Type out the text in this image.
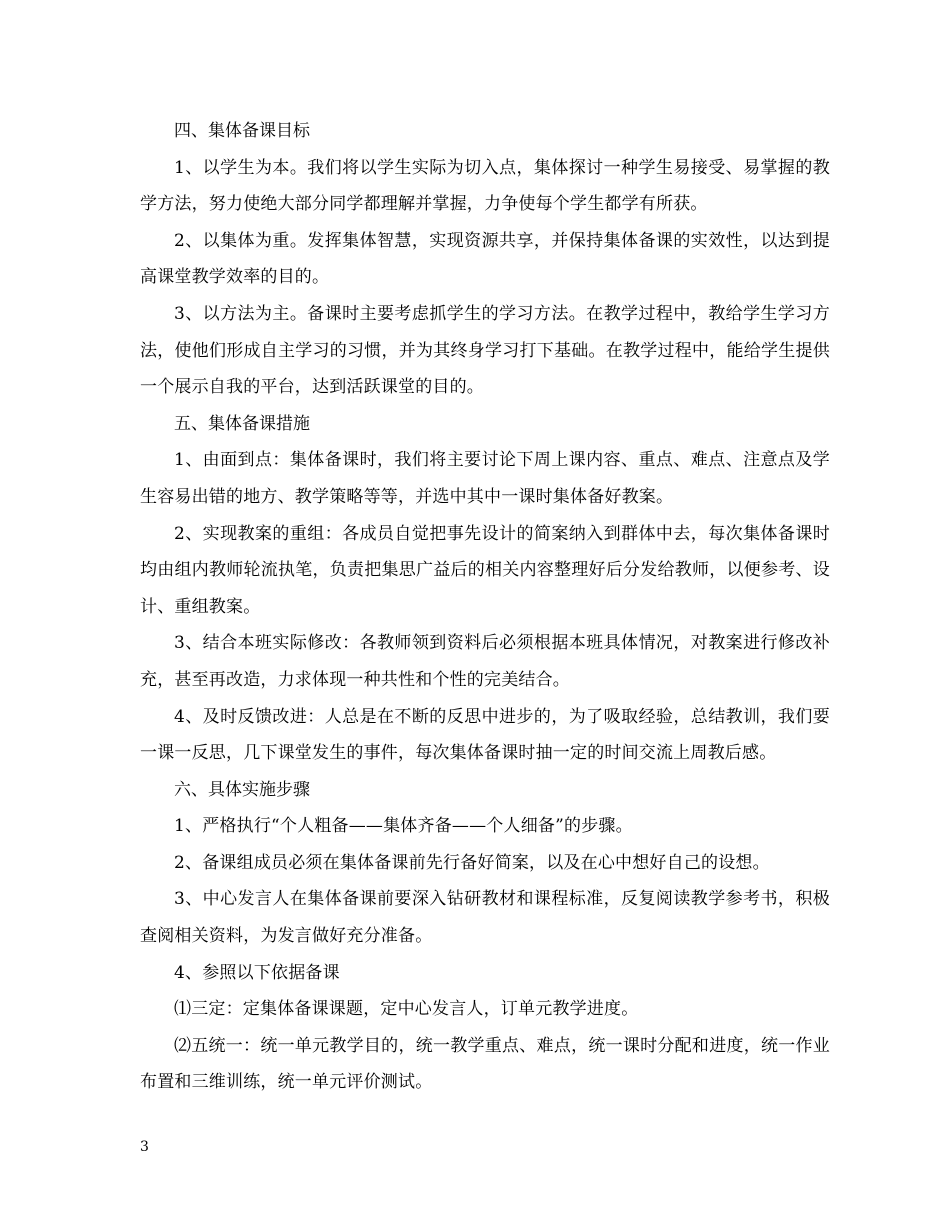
四、集体备课目标

1、以学生为本。我们将以学生实际为切入点，集体探讨一种学生易接受、易掌握的教学方法，努力使绝大部分同学都理解并掌握，力争使每个学生都学有所获。

2、以集体为重。发挥集体智慧，实现资源共享，并保持集体备课的实效性，以达到提高课堂教学效率的目的。

3、以方法为主。备课时主要考虑抓学生的学习方法。在教学过程中，教给学生学习方法，使他们形成自主学习的习惯，并为其终身学习打下基础。在教学过程中，能给学生提供一个展示自我的平台，达到活跃课堂的目的。

五、集体备课措施

1、由面到点：集体备课时，我们将主要讨论下周上课内容、重点、难点、注意点及学生容易出错的地方、教学策略等等，并选中其中一课时集体备好教案。

2、实现教案的重组：各成员自觉把事先设计的简案纳入到群体中去，每次集体备课时均由组内教师轮流执笔，负责把集思广益后的相关内容整理好后分发给教师，以便参考、设计、重组教案。

3、结合本班实际修改：各教师领到资料后必须根据本班具体情况，对教案进行修改补充，甚至再改造，力求体现一种共性和个性的完美结合。

4、及时反馈改进：人总是在不断的反思中进步的，为了吸取经验，总结教训，我们要一课一反思，几下课堂发生的事件，每次集体备课时抽一定的时间交流上周教后感。

六、具体实施步骤

1、严格执行“个人粗备——集体齐备——个人细备”的步骤。

2、备课组成员必须在集体备课前先行备好简案，以及在心中想好自己的设想。

3、中心发言人在集体备课前要深入钻研教材和课程标准，反复阅读教学参考书，积极查阅相关资料，为发言做好充分准备。

4、参照以下依据备课

⑴三定：定集体备课课题，定中心发言人，订单元教学进度。

⑵五统一：统一单元教学目的，统一教学重点、难点，统一课时分配和进度，统一作业布置和三维训练，统一单元评价测试。

3
